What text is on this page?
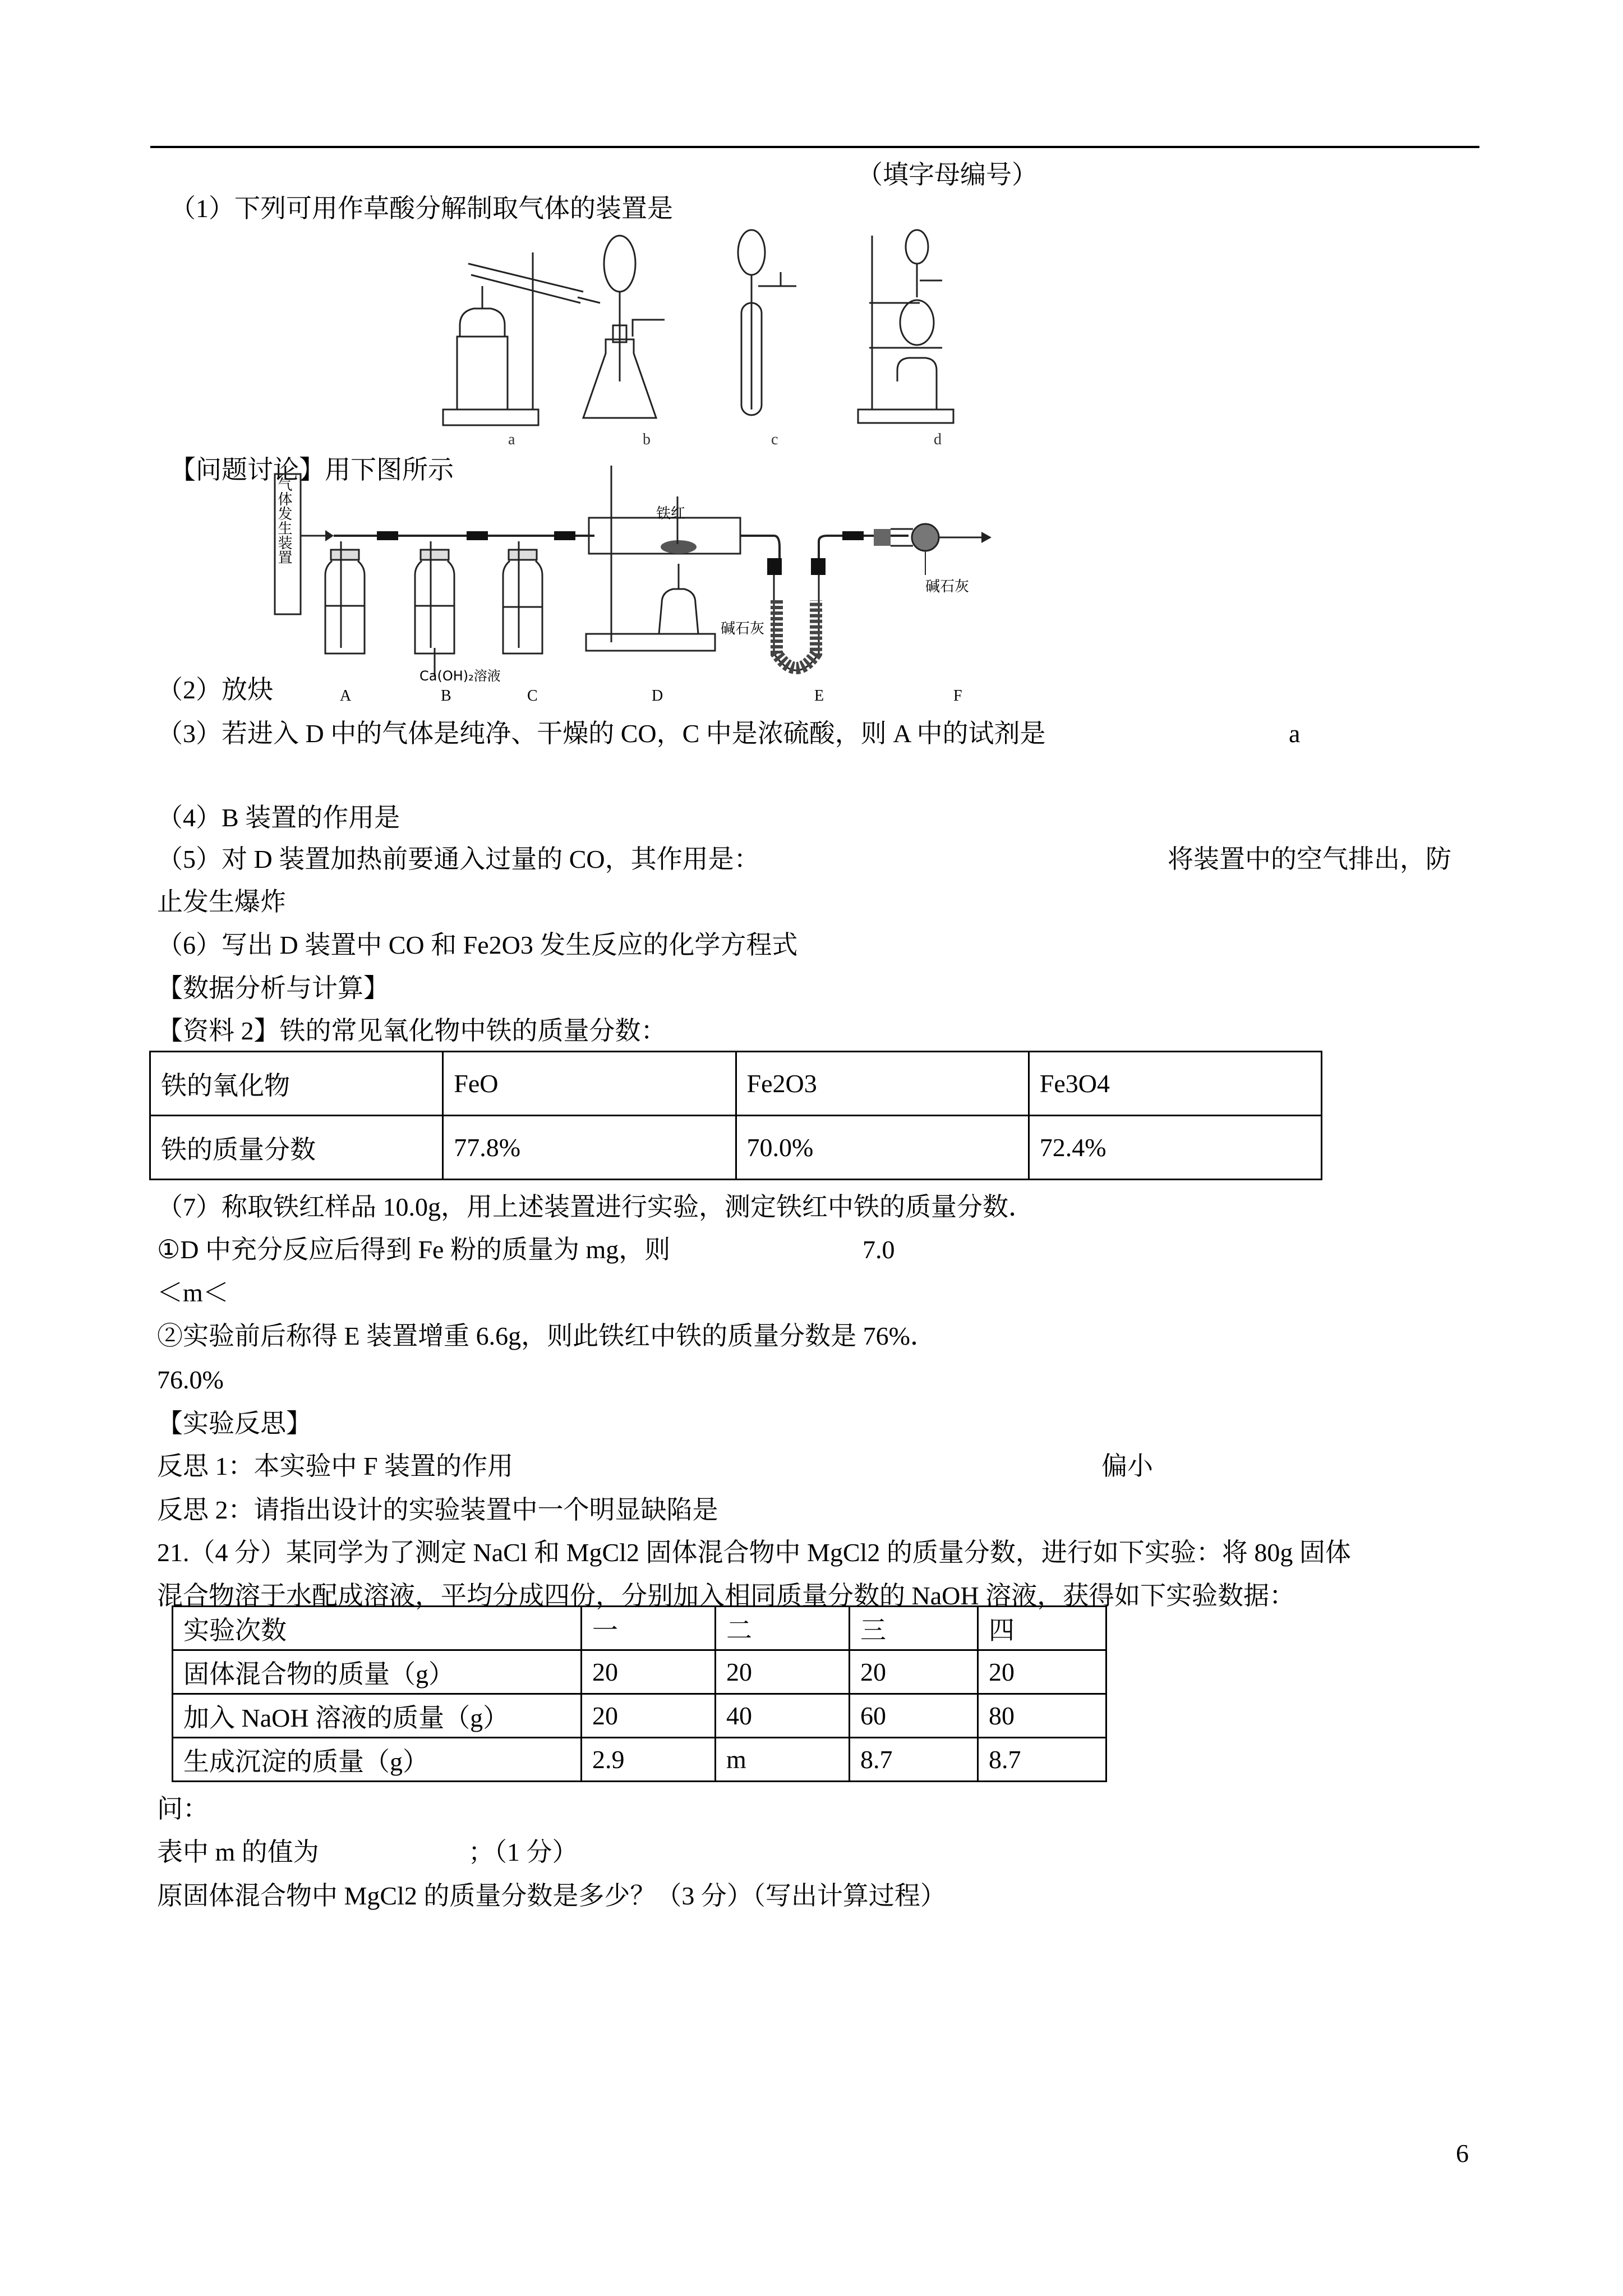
（1）下列可用作草酸分解制取气体的装置是

（填字母编号）
a	b	c	d

【问题讨论】用下图所示

气体发生装置	铁红
Ca(OH)₂溶液
碱石灰
碱石灰
A	B	C	D	E	F
（2）放炔
（3）若进入 D 中的气体是纯净、干燥的 CO，C 中是浓硫酸，则 A 中的试剂是	a
（4）B 装置的作用是
（5）对 D 装置加热前要通入过量的 CO，其作用是：	将装置中的空气排出，防
止发生爆炸
（6）写出 D 装置中 CO 和 Fe2O3 发生反应的化学方程式
【数据分析与计算】
【资料 2】铁的常见氧化物中铁的质量分数：
铁的氧化物	FeO	Fe2O3	Fe3O4
铁的质量分数	77.8%	70.0%	72.4%
（7）称取铁红样品 10.0g，用上述装置进行实验，测定铁红中铁的质量分数．
①D 中充分反应后得到 Fe 粉的质量为 mg，则	7.0
＜m＜
②实验前后称得 E 装置增重 6.6g，则此铁红中铁的质量分数是 76%．
76.0%
【实验反思】
反思 1：本实验中 F 装置的作用	偏小
反思 2：请指出设计的实验装置中一个明显缺陷是
21.（4 分）某同学为了测定 NaCl 和 MgCl2 固体混合物中 MgCl2 的质量分数，进行如下实验：将 80g 固体
混合物溶于水配成溶液，平均分成四份，分别加入相同质量分数的 NaOH 溶液，获得如下实验数据：
实验次数	一	二	三	四
固体混合物的质量（g）	20	20	20	20
加入 NaOH 溶液的质量（g）	20	40	60	80
生成沉淀的质量（g）	2.9	m	8.7	8.7
问：
表中 m 的值为	；（1 分）
原固体混合物中 MgCl2 的质量分数是多少？（3 分）（写出计算过程）
6
